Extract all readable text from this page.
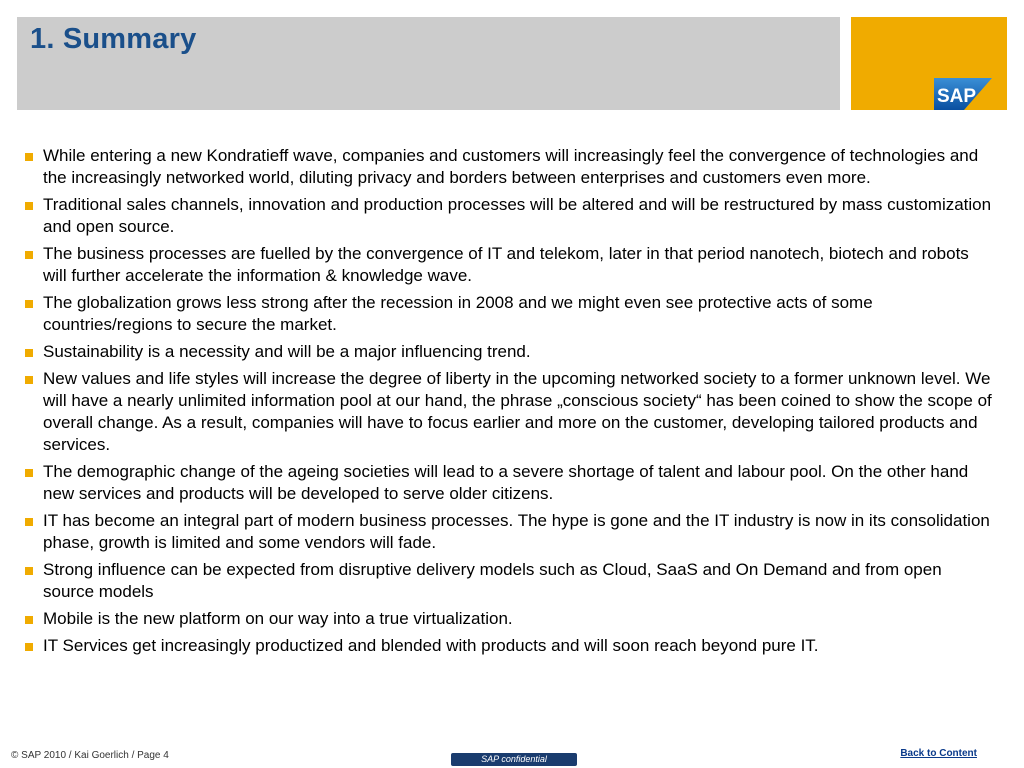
1. Summary
SAP
While entering a new Kondratieff wave, companies and customers will increasingly feel the convergence of technologies and the increasingly networked world, diluting privacy and borders between enterprises and customers even more.
Traditional sales channels, innovation and production processes will be altered and will be restructured by mass customization and open source.
The business processes are fuelled by the convergence of IT and telekom, later in that period nanotech, biotech and robots will further accelerate the information & knowledge wave.
The globalization grows less strong after the recession in 2008 and we might even see protective acts of some countries/regions to secure the market.
Sustainability is a necessity and will be a major influencing trend.
New values and life styles will increase the degree of liberty in the upcoming networked society to a former unknown level. We will have a nearly unlimited information pool at our hand, the phrase „conscious society“ has been coined to show the scope of overall change. As a result, companies will have to focus earlier and more on the customer, developing tailored products and services.
The demographic change of the ageing societies will lead to a severe shortage of talent and labour pool. On the other hand new services and products will be developed to serve older citizens.
IT has become an integral part of modern business processes. The hype is gone and the IT industry is now in its consolidation phase, growth is limited and some vendors will fade.
Strong influence can be expected from disruptive delivery models such as Cloud, SaaS and On Demand and from open source models
Mobile is the new platform on our way into a true virtualization.
IT Services get increasingly productized and blended with products and will soon reach beyond pure IT.
© SAP 2010 / Kai Goerlich / Page 4	SAP confidential	Back to Content
